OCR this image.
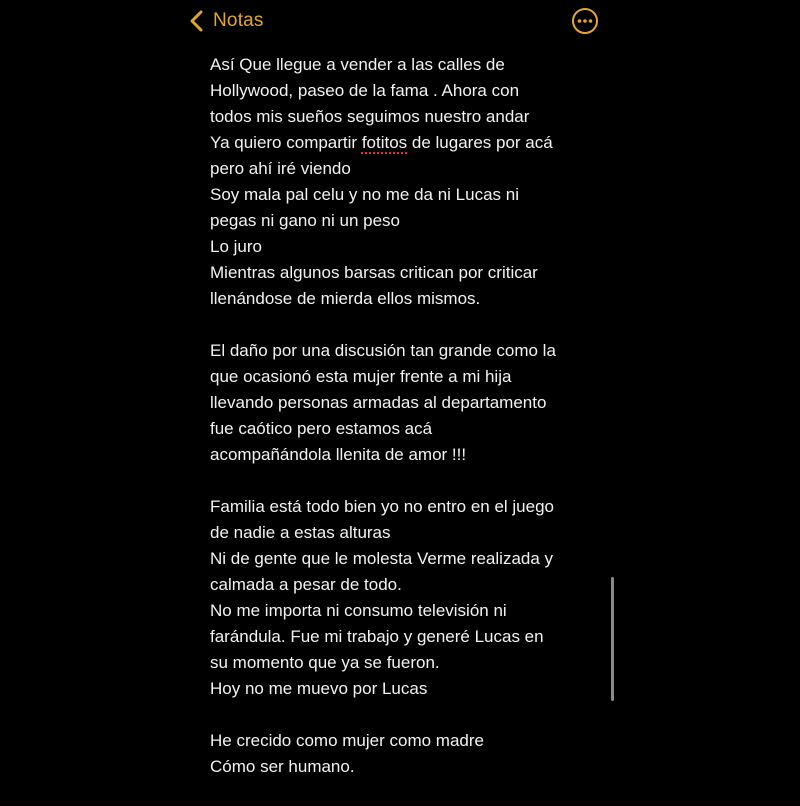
Notas
Así Que llegue a vender a las calles de
Hollywood, paseo de la fama . Ahora con
todos mis sueños seguimos nuestro andar
Ya quiero compartir fotitos de lugares por acá
pero ahí iré viendo
Soy mala pal celu y no me da ni Lucas ni
pegas ni gano ni un peso
Lo juro
Mientras algunos barsas critican por criticar
llenándose de mierda ellos mismos.
El daño por una discusión tan grande como la
que ocasionó esta mujer frente a mi hija
llevando personas armadas al departamento
fue caótico pero estamos acá
acompañándola llenita de amor !!!
Familia está todo bien yo no entro en el juego
de nadie a estas alturas
Ni de gente que le molesta Verme realizada y
calmada a pesar de todo.
No me importa ni consumo televisión ni
farándula. Fue mi trabajo y generé Lucas en
su momento que ya se fueron.
Hoy no me muevo por Lucas
He crecido como mujer como madre
Cómo ser humano.
